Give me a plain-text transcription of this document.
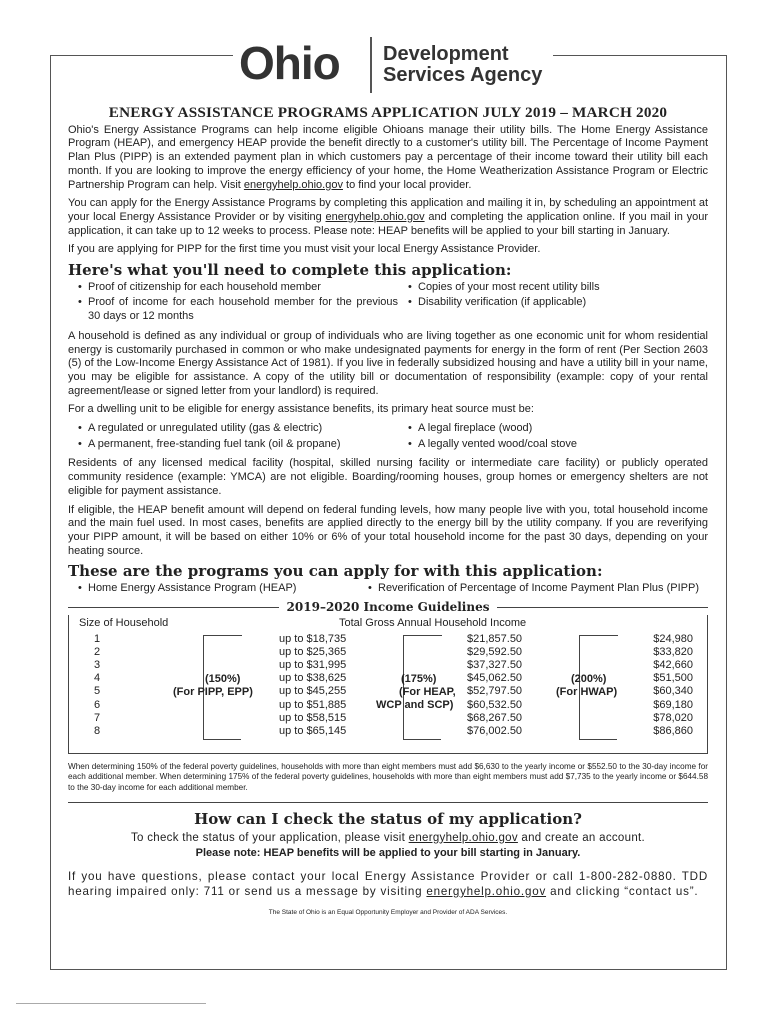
Ohio Development
Services Agency
ENERGY ASSISTANCE PROGRAMS APPLICATION JULY 2019 – MARCH 2020

Ohio's Energy Assistance Programs can help income eligible Ohioans manage their utility bills. The Home Energy Assistance Program (HEAP), and emergency HEAP provide the benefit directly to a customer's utility bill. The Percentage of Income Payment Plan Plus (PIPP) is an extended payment plan in which customers pay a percentage of their income toward their utility bill each month. If you are looking to improve the energy efficiency of your home, the Home Weatherization Assistance Program or Electric Partnership Program can help. Visit energyhelp.ohio.gov to find your local provider.

You can apply for the Energy Assistance Programs by completing this application and mailing it in, by scheduling an appointment at your local Energy Assistance Provider or by visiting energyhelp.ohio.gov and completing the application online. If you mail in your application, it can take up to 12 weeks to process. Please note: HEAP benefits will be applied to your bill starting in January.

If you are applying for PIPP for the first time you must visit your local Energy Assistance Provider.

Here's what you'll need to complete this application:
• Proof of citizenship for each household member	• Copies of your most recent utility bills
• Proof of income for each household member for the previous 30 days or 12 months
• Disability verification (if applicable)

A household is defined as any individual or group of individuals who are living together as one economic unit for whom residential energy is customarily purchased in common or who make undesignated payments for energy in the form of rent (Per Section 2603 (5) of the Low-Income Energy Assistance Act of 1981). If you live in federally subsidized housing and have a utility bill in your name, you may be eligible for assistance. A copy of the utility bill or documentation of responsibility (example: copy of your rental agreement/lease or signed letter from your landlord) is required.

For a dwelling unit to be eligible for energy assistance benefits, its primary heat source must be:

• A regulated or unregulated utility (gas & electric)	• A legal fireplace (wood)
• A permanent, free-standing fuel tank (oil & propane)	• A legally vented wood/coal stove

Residents of any licensed medical facility (hospital, skilled nursing facility or intermediate care facility) or publicly operated community residence (example: YMCA) are not eligible. Boarding/rooming houses, group homes or emergency shelters are not eligible for payment assistance.

If eligible, the HEAP benefit amount will depend on federal funding levels, how many people live with you, total household income and the main fuel used. In most cases, benefits are applied directly to the energy bill by the utility company. If you are reverifying your PIPP amount, it will be based on either 10% or 6% of your total household income for the past 30 days, depending on your heating source.

These are the programs you can apply for with this application:
• Home Energy Assistance Program (HEAP)	• Reverification of Percentage of Income Payment Plan Plus (PIPP)
2019–2020 Income Guidelines
Size of Household	Total Gross Annual Household Income
(150%)
(For PIPP, EPP)
(175%)
(For HEAP,
WCP and SCP)
(200%)
(For HWAP)
1	up to $18,735	$21,857.50	$24,980
2	up to $25,365	$29,592.50	$33,820
3	up to $31,995	$37,327.50	$42,660
4	up to $38,625	$45,062.50	$51,500
5	up to $45,255	$52,797.50	$60,340
6	up to $51,885	$60,532.50	$69,180
7	up to $58,515	$68,267.50	$78,020
8	up to $65,145	$76,002.50	$86,860
When determining 150% of the federal poverty guidelines, households with more than eight members must add $6,630 to the yearly income or $552.50 to the 30-day income for each additional member. When determining 175% of the federal poverty guidelines, households with more than eight members must add $7,735 to the yearly income or $644.58 to the 30-day income for each additional member.
How can I check the status of my application?
To check the status of your application, please visit energyhelp.ohio.gov and create an account.
Please note: HEAP benefits will be applied to your bill starting in January.
If you have questions, please contact your local Energy Assistance Provider or call 1-800-282-0880. TDD hearing impaired only: 711 or send us a message by visiting energyhelp.ohio.gov and clicking “contact us”.
The State of Ohio is an Equal Opportunity Employer and Provider of ADA Services.
